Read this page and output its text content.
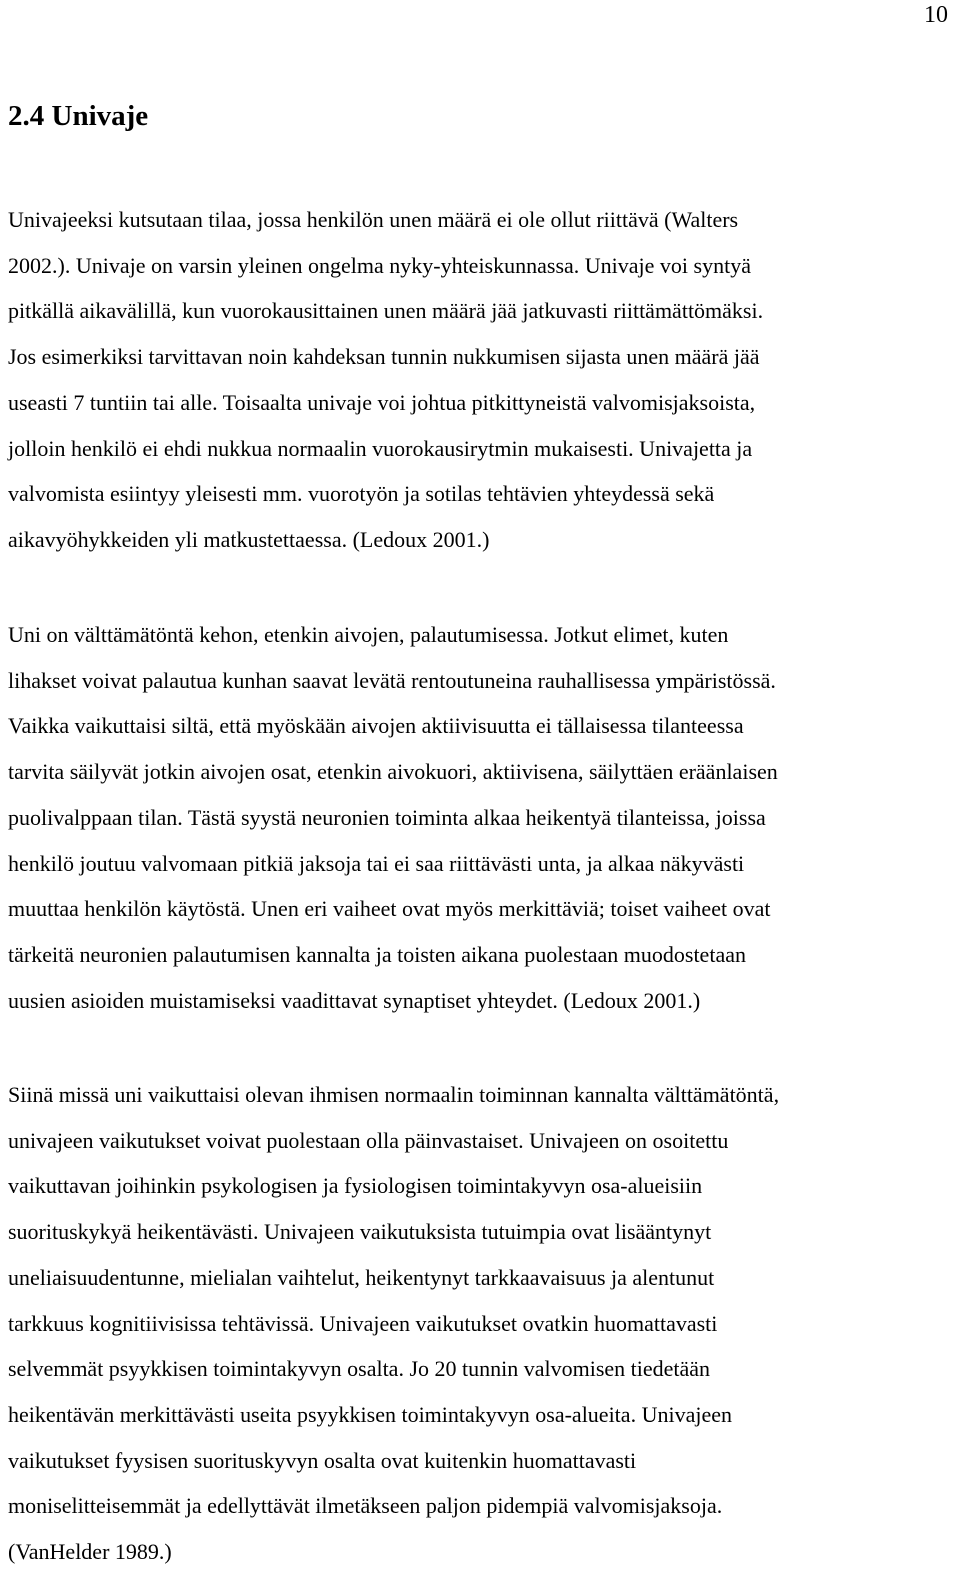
10
2.4 Univaje
Univajeeksi kutsutaan tilaa, jossa henkilön unen määrä ei ole ollut riittävä (Walters
2002.). Univaje on varsin yleinen ongelma nyky-yhteiskunnassa. Univaje voi syntyä
pitkällä aikavälillä, kun vuorokausittainen unen määrä jää jatkuvasti riittämättömäksi.
Jos esimerkiksi tarvittavan noin kahdeksan tunnin nukkumisen sijasta unen määrä jää
useasti 7 tuntiin tai alle. Toisaalta univaje voi johtua pitkittyneistä valvomisjaksoista,
jolloin henkilö ei ehdi nukkua normaalin vuorokausirytmin mukaisesti. Univajetta ja
valvomista esiintyy yleisesti mm. vuorotyön ja sotilas tehtävien yhteydessä sekä
aikavyöhykkeiden yli matkustettaessa. (Ledoux 2001.)
Uni on välttämätöntä kehon, etenkin aivojen, palautumisessa. Jotkut elimet, kuten
lihakset voivat palautua kunhan saavat levätä rentoutuneina rauhallisessa ympäristössä.
Vaikka vaikuttaisi siltä, että myöskään aivojen aktiivisuutta ei tällaisessa tilanteessa
tarvita säilyvät jotkin aivojen osat, etenkin aivokuori, aktiivisena, säilyttäen eräänlaisen
puolivalppaan tilan. Tästä syystä neuronien toiminta alkaa heikentyä tilanteissa, joissa
henkilö joutuu valvomaan pitkiä jaksoja tai ei saa riittävästi unta, ja alkaa näkyvästi
muuttaa henkilön käytöstä. Unen eri vaiheet ovat myös merkittäviä; toiset vaiheet ovat
tärkeitä neuronien palautumisen kannalta ja toisten aikana puolestaan muodostetaan
uusien asioiden muistamiseksi vaadittavat synaptiset yhteydet. (Ledoux 2001.)
Siinä missä uni vaikuttaisi olevan ihmisen normaalin toiminnan kannalta välttämätöntä,
univajeen vaikutukset voivat puolestaan olla päinvastaiset. Univajeen on osoitettu
vaikuttavan joihinkin psykologisen ja fysiologisen toimintakyvyn osa-alueisiin
suorituskykyä heikentävästi. Univajeen vaikutuksista tutuimpia ovat lisääntynyt
uneliaisuudentunne, mielialan vaihtelut, heikentynyt tarkkaavaisuus ja alentunut
tarkkuus kognitiivisissa tehtävissä. Univajeen vaikutukset ovatkin huomattavasti
selvemmät psyykkisen toimintakyvyn osalta. Jo 20 tunnin valvomisen tiedetään
heikentävän merkittävästi useita psyykkisen toimintakyvyn osa-alueita. Univajeen
vaikutukset fyysisen suorituskyvyn osalta ovat kuitenkin huomattavasti
moniselitteisemmät ja edellyttävät ilmetäkseen paljon pidempiä valvomisjaksoja.
(VanHelder 1989.)
